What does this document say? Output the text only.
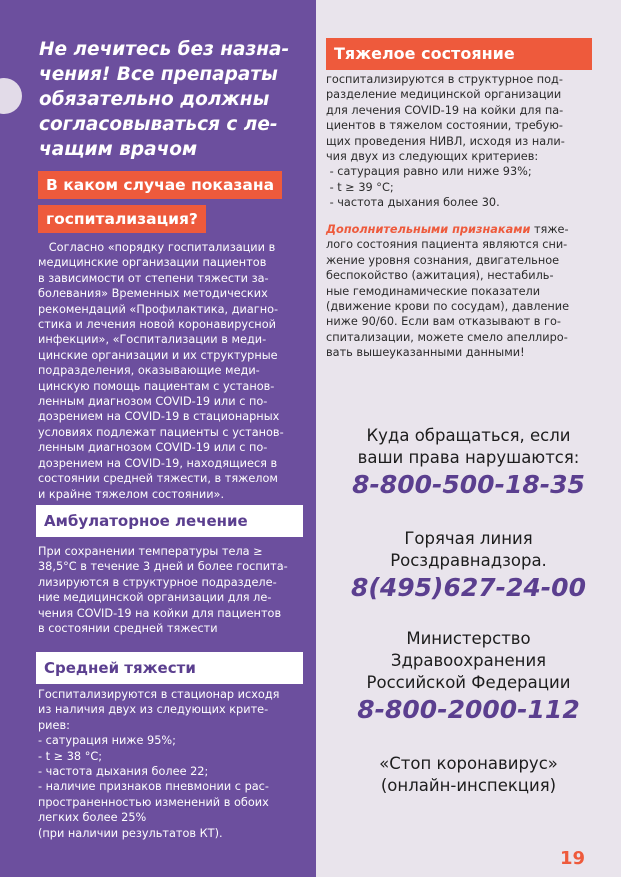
Не лечитесь без назна-
чения! Все препараты
обязательно должны
согласовываться с ле-
чащим врачом
В каком случае показана
госпитализация?

Согласно «порядку госпитализации в

медицинские организации пациентов

в зависимости от степени тяжести за-

болевания» Временных методических

рекомендаций «Профилактика, диагно-

стика и лечения новой коронавирусной

инфекции», «Госпитализации в меди-

цинские организации и их структурные

подразделения, оказывающие меди-

цинскую помощь пациентам с установ-

ленным диагнозом COVID-19 или с по-

дозрением на COVID-19 в стационарных

условиях подлежат пациенты с установ-

ленным диагнозом COVID-19 или с по-

дозрением на COVID-19, находящиеся в

состоянии средней тяжести, в тяжелом

и крайне тяжелом состоянии».

Амбулаторное лечение

При сохранении температуры тела ≥

38,5°C в течение 3 дней и более госпита-

лизируются в структурное подразделе-

ние медицинской организации для ле-

чения COVID-19 на койки для пациентов

в состоянии средней тяжести

Средней тяжести

Госпитализируются в стационар исходя

из наличия двух из следующих крите-

риев:

- сатурация ниже 95%;

- t ≥ 38 °C;

- частота дыхания более 22;

- наличие признаков пневмонии с рас-

пространенностью изменений в обоих

легких более 25%

(при наличии результатов КТ).

Тяжелое состояние

госпитализируются в структурное под-

разделение медицинской организации

для лечения COVID-19 на койки для па-

циентов в тяжелом состоянии, требую-

щих проведения НИВЛ, исходя из нали-

чия двух из следующих критериев:

- сатурация равно или ниже 93%;

- t ≥ 39 °C;

- частота дыхания более 30.

Дополнительными признаками тяже-

лого состояния пациента являются сни-

жение уровня сознания, двигательное

беспокойство (ажитация), нестабиль-

ные гемодинамические показатели

(движение крови по сосудам), давление

ниже 90/60. Если вам отказывают в го-

спитализации, можете смело апеллиро-

вать вышеуказанными данными!

Куда обращаться, если
ваши права нарушаются:
8-800-500-18-35
Горячая линия
Росздравнадзора.
8(495)627-24-00
Министерство
Здравоохранения
Российской Федерации
8-800-2000-112
«Стоп коронавирус»
(онлайн-инспекция)
19
